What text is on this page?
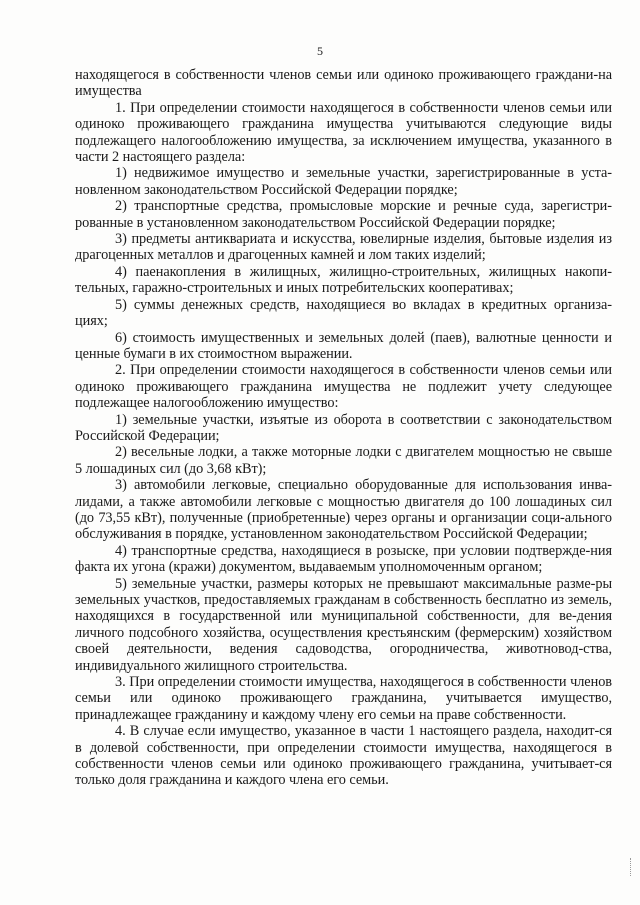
5

находящегося в собственности членов семьи или одиноко проживающего граждани-на имущества

1. При определении стоимости находящегося в собственности членов семьи или одиноко проживающего гражданина имущества учитываются следующие виды подлежащего налогообложению имущества, за исключением имущества, указанного в части 2 настоящего раздела:

1) недвижимое имущество и земельные участки, зарегистрированные в уста-новленном законодательством Российской Федерации порядке;

2) транспортные средства, промысловые морские и речные суда, зарегистри-рованные в установленном законодательством Российской Федерации порядке;

3) предметы антиквариата и искусства, ювелирные изделия, бытовые изделия из драгоценных металлов и драгоценных камней и лом таких изделий;

4) паенакопления в жилищных, жилищно-строительных, жилищных накопи-тельных, гаражно-строительных и иных потребительских кооперативах;

5) суммы денежных средств, находящиеся во вкладах в кредитных организа-циях;

6) стоимость имущественных и земельных долей (паев), валютные ценности и ценные бумаги в их стоимостном выражении.

2. При определении стоимости находящегося в собственности членов семьи или одиноко проживающего гражданина имущества не подлежит учету следующее подлежащее налогообложению имущество:

1) земельные участки, изъятые из оборота в соответствии с законодательством Российской Федерации;

2) весельные лодки, а также моторные лодки с двигателем мощностью не свыше 5 лошадиных сил (до 3,68 кВт);

3) автомобили легковые, специально оборудованные для использования инва-лидами, а также автомобили легковые с мощностью двигателя до 100 лошадиных сил (до 73,55 кВт), полученные (приобретенные) через органы и организации соци-ального обслуживания в порядке, установленном законодательством Российской Федерации;

4) транспортные средства, находящиеся в розыске, при условии подтвержде-ния факта их угона (кражи) документом, выдаваемым уполномоченным органом;

5) земельные участки, размеры которых не превышают максимальные разме-ры земельных участков, предоставляемых гражданам в собственность бесплатно из земель, находящихся в государственной или муниципальной собственности, для ве-дения личного подсобного хозяйства, осуществления крестьянским (фермерским) хозяйством своей деятельности, ведения садоводства, огородничества, животновод-ства, индивидуального жилищного строительства.

3. При определении стоимости имущества, находящегося в собственности членов семьи или одиноко проживающего гражданина, учитывается имущество, принадлежащее гражданину и каждому члену его семьи на праве собственности.

4. В случае если имущество, указанное в части 1 настоящего раздела, находит-ся в долевой собственности, при определении стоимости имущества, находящегося в собственности членов семьи или одиноко проживающего гражданина, учитывает-ся только доля гражданина и каждого члена его семьи.
